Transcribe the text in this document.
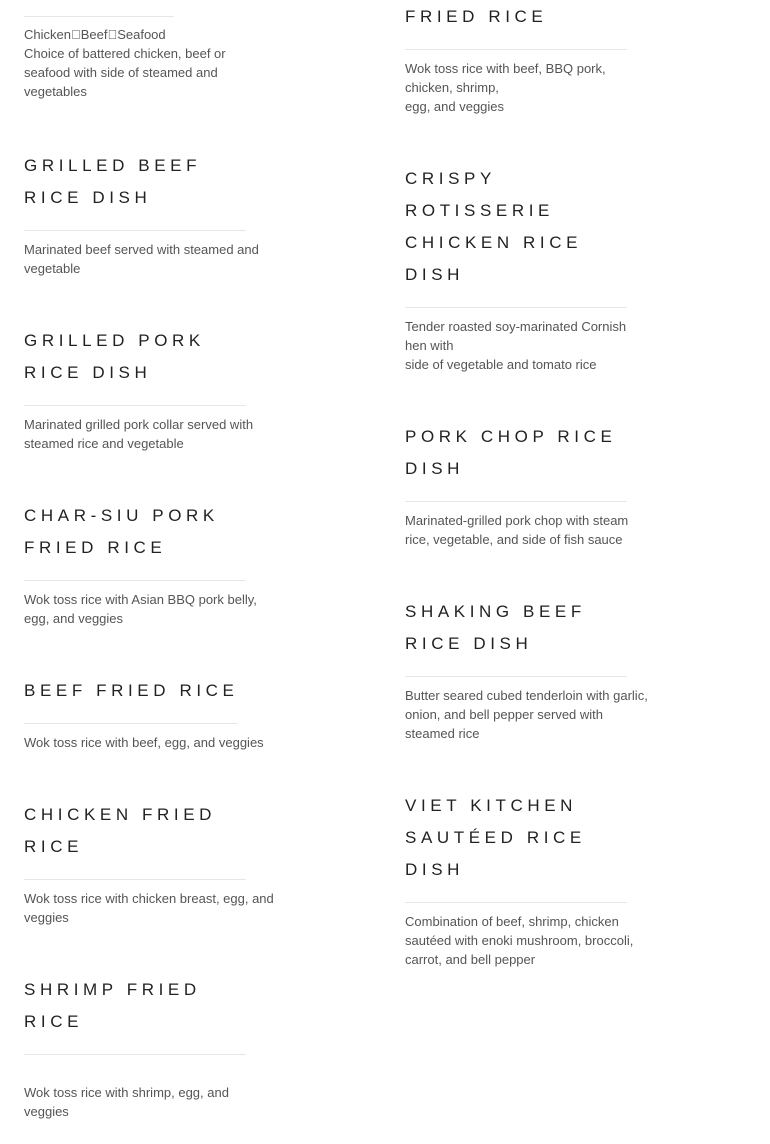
Chicken Beef Seafood

Choice of battered chicken, beef or seafood with side of steamed and vegetables

GRILLED BEEF RICE DISH

Marinated beef served with steamed and vegetable

GRILLED PORK RICE DISH

Marinated grilled pork collar served with steamed rice and vegetable

CHAR-SIU PORK FRIED RICE

Wok toss rice with Asian BBQ pork belly, egg, and veggies

BEEF FRIED RICE

Wok toss rice with beef, egg, and veggies

CHICKEN FRIED RICE

Wok toss rice with chicken breast, egg, and veggies

SHRIMP FRIED RICE

Wok toss rice with shrimp, egg, and veggies

FRIED RICE

Wok toss rice with beef, BBQ pork, chicken, shrimp,
egg, and veggies

CRISPY ROTISSERIE CHICKEN RICE DISH

Tender roasted soy-marinated Cornish hen with
side of vegetable and tomato rice

PORK CHOP RICE DISH

Marinated-grilled pork chop with steam rice, vegetable, and side of fish sauce

SHAKING BEEF RICE DISH

Butter seared cubed tenderloin with garlic, onion, and bell pepper served with steamed rice

VIET KITCHEN SAUTÉED RICE DISH

Combination of beef, shrimp, chicken sautéed with enoki mushroom, broccoli, carrot, and bell pepper
